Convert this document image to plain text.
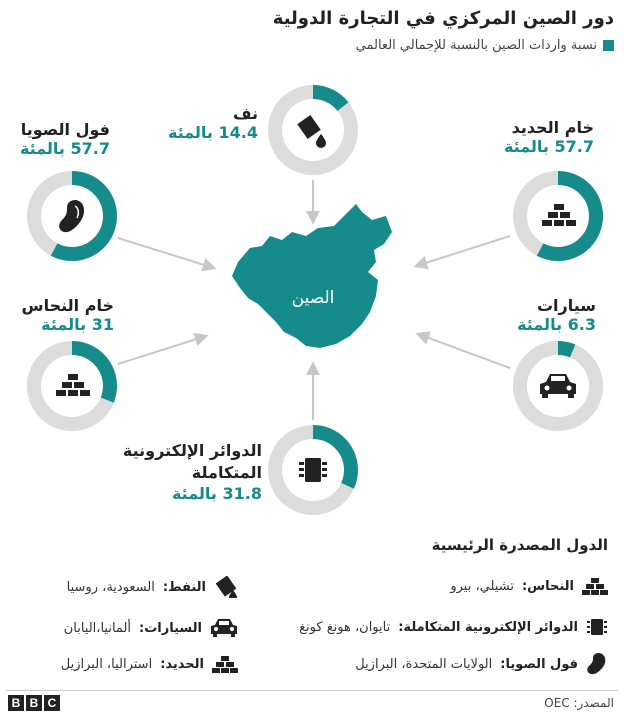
دور الصين المركزي في التجارة الدولية
نسبة واردات الصين بالنسبة للإجمالي العالمي
الصين
خام الحديد
57.7 بالمئة
نف
14.4 بالمئة
فول الصويا
57.7 بالمئة
خام النحاس
31 بالمئة
الدوائر الإلكترونية
المتكاملة
31.8 بالمئة
سيارات
6.3 بالمئة
الدول المصدرة الرئيسية
النحاس:
تشيلي، بيرو
النفط:
السعودية، روسيا
الدوائر الإلكترونية المتكاملة:
تايوان، هونغ كونغ
السيارات:
ألمانيا،اليابان
فول الصويا:
الولايات المتحدة، البرازيل
الحديد:
استراليا، البرازيل
المصدر: OEC
B B C
